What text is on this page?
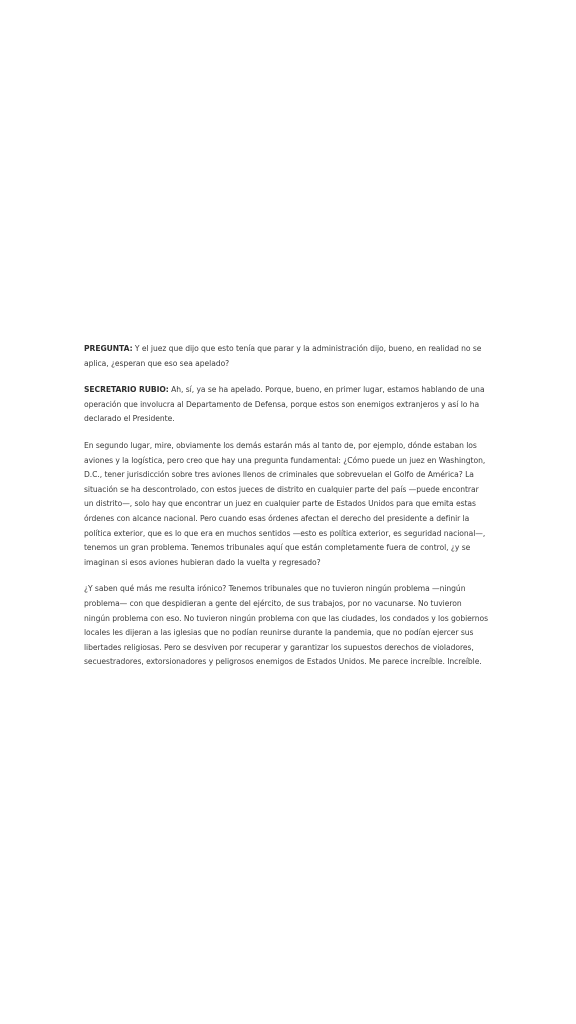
PREGUNTA: Y el juez que dijo que esto tenía que parar y la administración dijo, bueno, en realidad no se aplica, ¿esperan que eso sea apelado?

SECRETARIO RUBIO: Ah, sí, ya se ha apelado. Porque, bueno, en primer lugar, estamos hablando de una operación que involucra al Departamento de Defensa, porque estos son enemigos extranjeros y así lo ha declarado el Presidente.

En segundo lugar, mire, obviamente los demás estarán más al tanto de, por ejemplo, dónde estaban los aviones y la logística, pero creo que hay una pregunta fundamental: ¿Cómo puede un juez en Washington, D.C., tener jurisdicción sobre tres aviones llenos de criminales que sobrevuelan el Golfo de América? La situación se ha descontrolado, con estos jueces de distrito en cualquier parte del país —puede encontrar un distrito—, solo hay que encontrar un juez en cualquier parte de Estados Unidos para que emita estas órdenes con alcance nacional. Pero cuando esas órdenes afectan el derecho del presidente a definir la política exterior, que es lo que era en muchos sentidos —esto es política exterior, es seguridad nacional—, tenemos un gran problema. Tenemos tribunales aquí que están completamente fuera de control, ¿y se imaginan si esos aviones hubieran dado la vuelta y regresado?

¿Y saben qué más me resulta irónico? Tenemos tribunales que no tuvieron ningún problema —ningún problema— con que despidieran a gente del ejército, de sus trabajos, por no vacunarse. No tuvieron ningún problema con eso. No tuvieron ningún problema con que las ciudades, los condados y los gobiernos locales les dijeran a las iglesias que no podían reunirse durante la pandemia, que no podían ejercer sus libertades religiosas. Pero se desviven por recuperar y garantizar los supuestos derechos de violadores, secuestradores, extorsionadores y peligrosos enemigos de Estados Unidos. Me parece increíble. Increíble.
